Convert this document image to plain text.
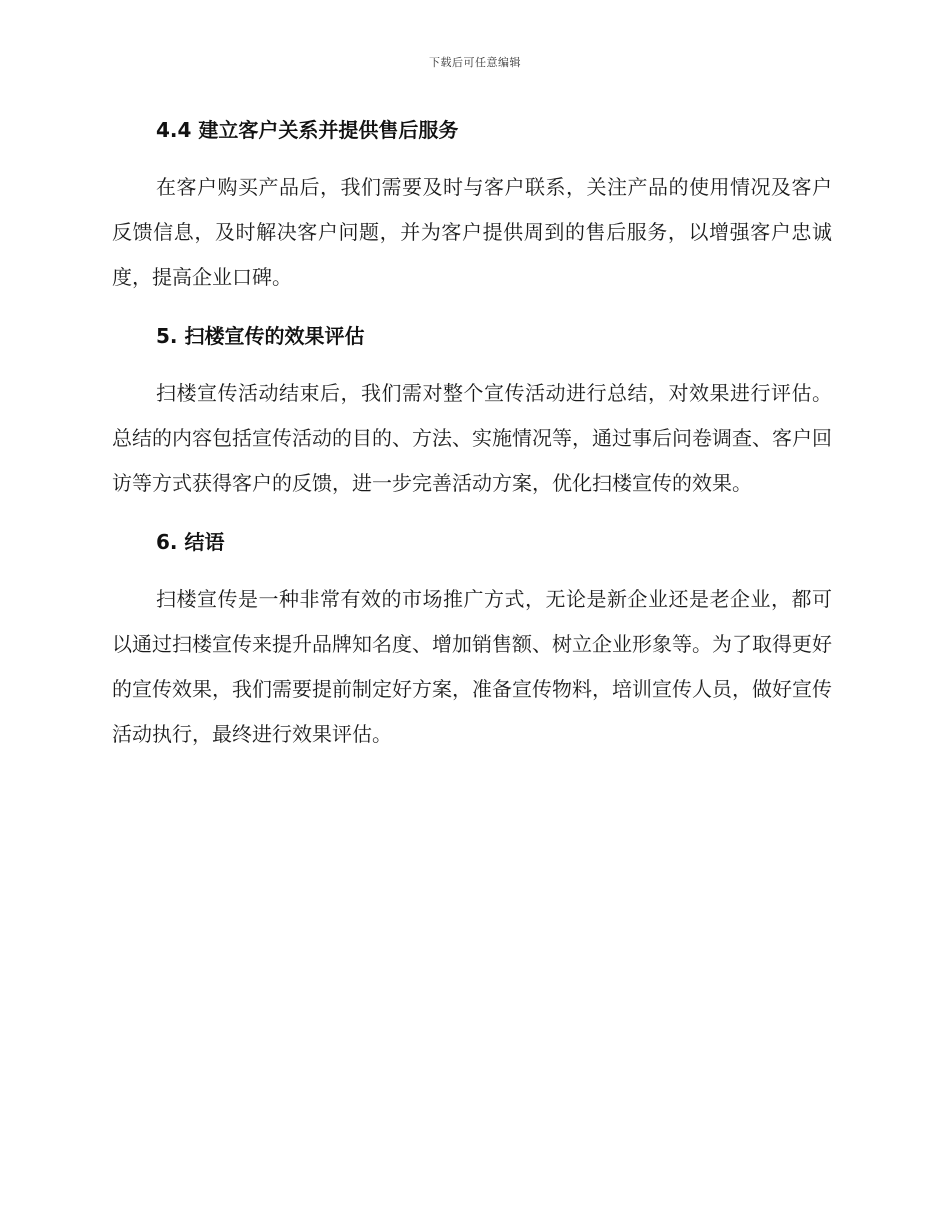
下载后可任意编辑
4.4 建立客户关系并提供售后服务

在客户购买产品后，我们需要及时与客户联系，关注产品的使用情况及客户反馈信息，及时解决客户问题，并为客户提供周到的售后服务，以增强客户忠诚度，提高企业口碑。

5. 扫楼宣传的效果评估

扫楼宣传活动结束后，我们需对整个宣传活动进行总结，对效果进行评估。总结的内容包括宣传活动的目的、方法、实施情况等，通过事后问卷调查、客户回访等方式获得客户的反馈，进一步完善活动方案，优化扫楼宣传的效果。

6. 结语

扫楼宣传是一种非常有效的市场推广方式，无论是新企业还是老企业，都可以通过扫楼宣传来提升品牌知名度、增加销售额、树立企业形象等。为了取得更好的宣传效果，我们需要提前制定好方案，准备宣传物料，培训宣传人员，做好宣传活动执行，最终进行效果评估。
